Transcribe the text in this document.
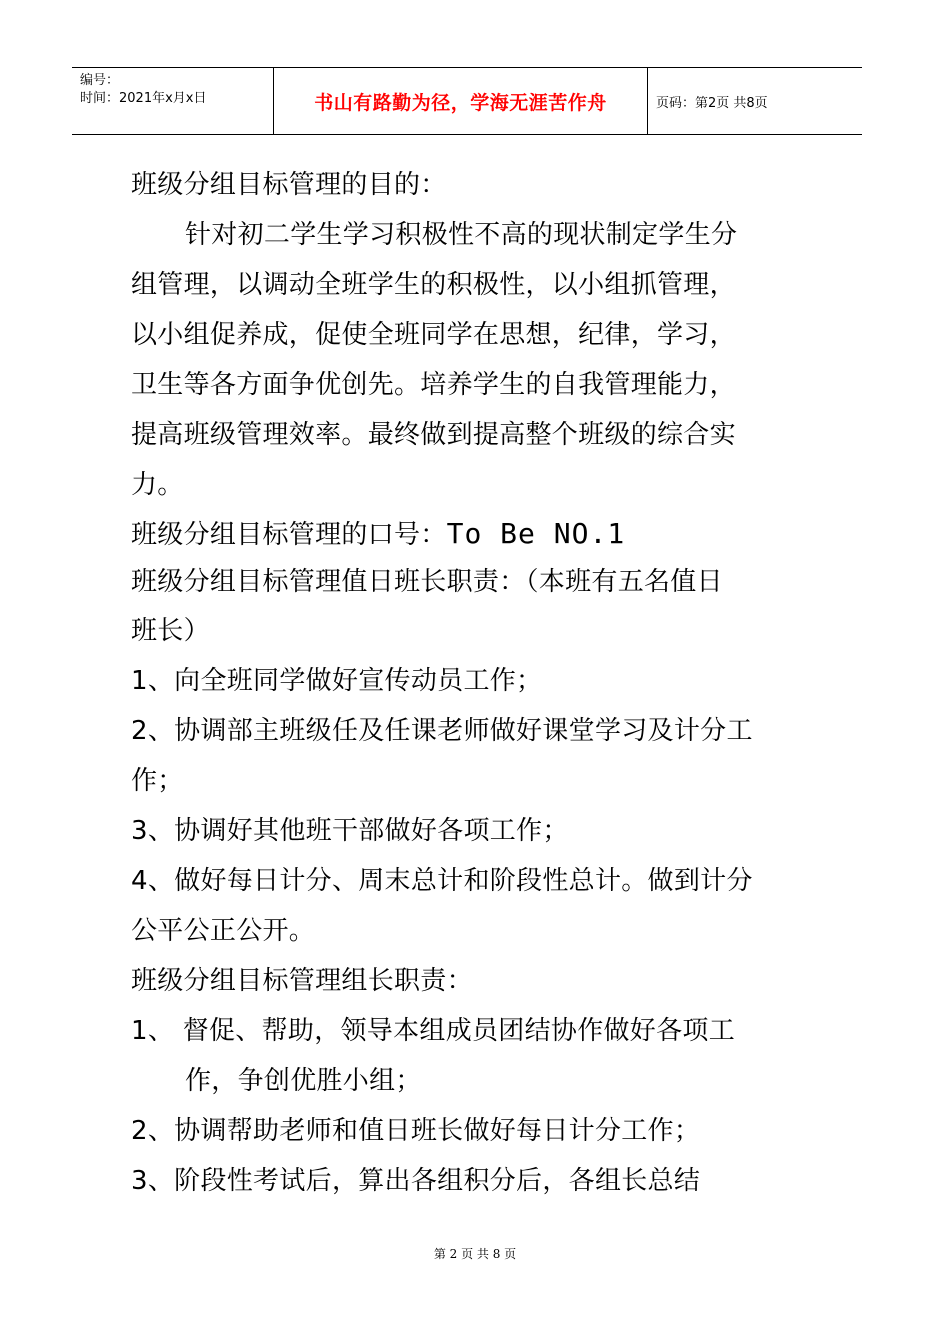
编号：
时间：2021年x月x日	书山有路勤为径，学海无涯苦作舟	页码：第2页 共8页
班级分组目标管理的目的：
针对初二学生学习积极性不高的现状制定学生分
组管理，以调动全班学生的积极性，以小组抓管理，
以小组促养成，促使全班同学在思想，纪律，学习，
卫生等各方面争优创先。培养学生的自我管理能力，
提高班级管理效率。最终做到提高整个班级的综合实
力。
班级分组目标管理的口号：To Be NO.1
班级分组目标管理值日班长职责：（本班有五名值日
班长）
1、向全班同学做好宣传动员工作；
2、协调部主班级任及任课老师做好课堂学习及计分工
作；
3、协调好其他班干部做好各项工作；
4、做好每日计分、周末总计和阶段性总计。做到计分
公平公正公开。
班级分组目标管理组长职责：
1、 督促、帮助，领导本组成员团结协作做好各项工
作，争创优胜小组；
2、协调帮助老师和值日班长做好每日计分工作；
3、阶段性考试后，算出各组积分后，各组长总结
第 2 页 共 8 页
